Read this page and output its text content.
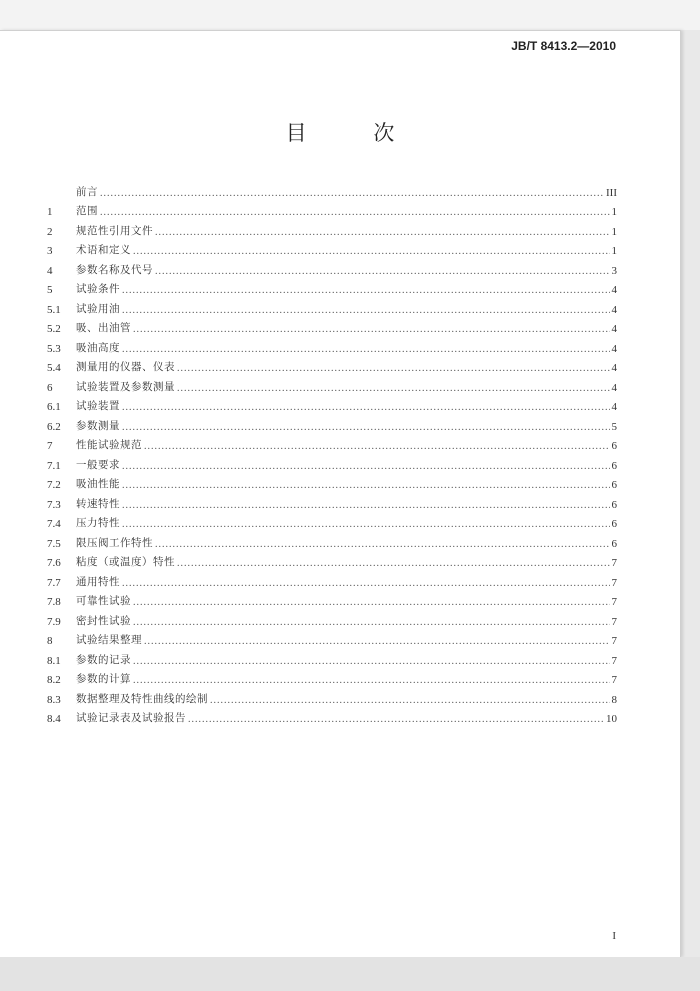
JB/T 8413.2—2010
目 次
前言 .....	III
1	范围 .....	1
2	规范性引用文件 .....	1
3	术语和定义 .....	1
4	参数名称及代号 .....	3
5	试验条件 .....	4
5.1	试验用油 .....	4
5.2	吸、出油管 .....	4
5.3	吸油高度 .....	4
5.4	测量用的仪器、仪表 .....	4
6	试验装置及参数测量 .....	4
6.1	试验装置 .....	4
6.2	参数测量 .....	5
7	性能试验规范 .....	6
7.1	一般要求 .....	6
7.2	吸油性能 .....	6
7.3	转速特性 .....	6
7.4	压力特性 .....	6
7.5	限压阀工作特性 .....	6
7.6	粘度（或温度）特性 .....	7
7.7	通用特性 .....	7
7.8	可靠性试验 .....	7
7.9	密封性试验 .....	7
8	试验结果整理 .....	7
8.1	参数的记录 .....	7
8.2	参数的计算 .....	7
8.3	数据整理及特性曲线的绘制 .....	8
8.4	试验记录表及试验报告 .....	10
I
